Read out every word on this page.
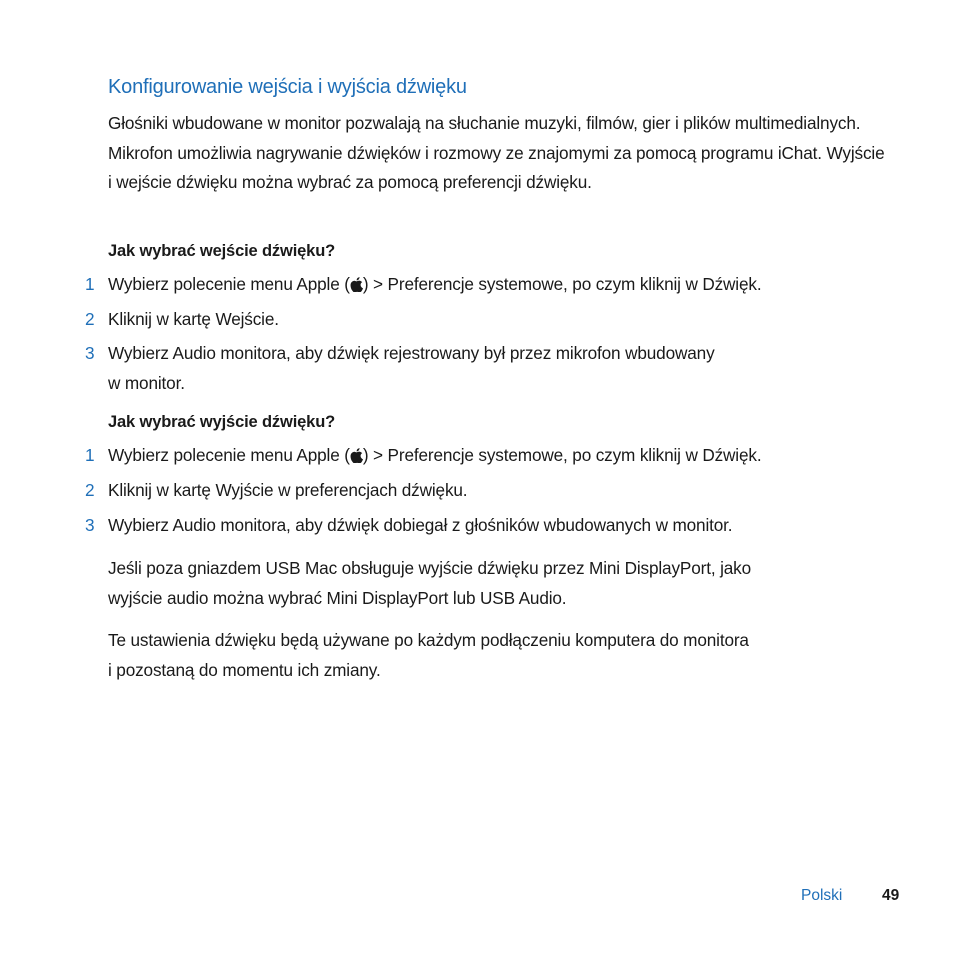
Konfigurowanie wejścia i wyjścia dźwięku

Głośniki wbudowane w monitor pozwalają na słuchanie muzyki, filmów, gier i plików multimedialnych. Mikrofon umożliwia nagrywanie dźwięków i rozmowy ze znajomymi za pomocą programu iChat. Wyjście i wejście dźwięku można wybrać za pomocą preferencji dźwięku.

Jak wybrać wejście dźwięku?
1 Wybierz polecenie menu Apple ( ) > Preferencje systemowe, po czym kliknij w Dźwięk.
2 Kliknij w kartę Wejście.
3 Wybierz Audio monitora, aby dźwięk rejestrowany był przez mikrofon wbudowany
w monitor.
Jak wybrać wyjście dźwięku?
1 Wybierz polecenie menu Apple ( ) > Preferencje systemowe, po czym kliknij w Dźwięk.
2 Kliknij w kartę Wyjście w preferencjach dźwięku.
3 Wybierz Audio monitora, aby dźwięk dobiegał z głośników wbudowanych w monitor.

Jeśli poza gniazdem USB Mac obsługuje wyjście dźwięku przez Mini DisplayPort, jako
wyjście audio można wybrać Mini DisplayPort lub USB Audio.

Te ustawienia dźwięku będą używane po każdym podłączeniu komputera do monitora
i pozostaną do momentu ich zmiany.

Polski	49
